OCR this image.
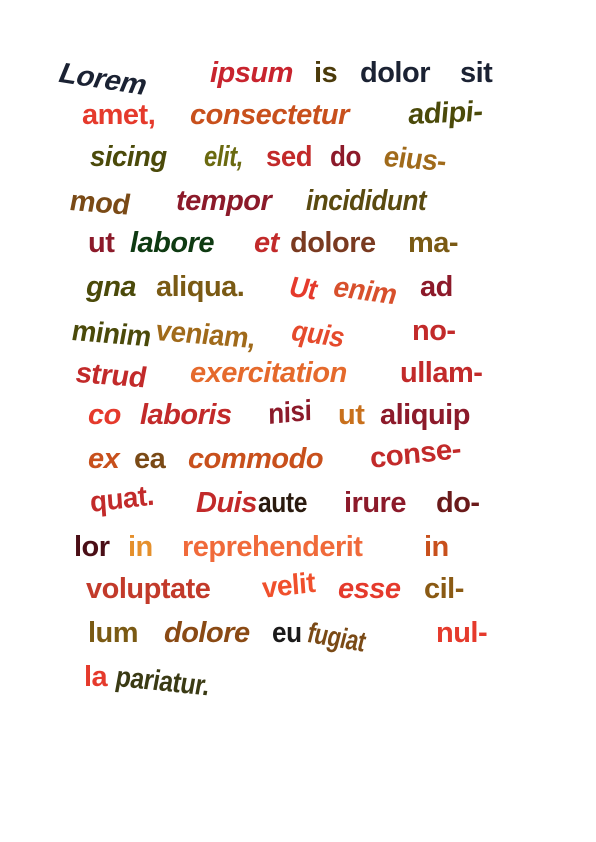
Lorem ipsum is dolor sit
amet, consectetur adipi-
sicing elit, sed do eius-
mod tempor incididunt
ut labore et dolore ma-
gna aliqua. Ut enim ad
minim veniam, quis no-
strud exercitation ullam-
co laboris nisi ut aliquip
ex ea commodo conse-
quat. Duis aute irure do-
lor in reprehenderit in
voluptate velit esse cil-
lum dolore eu fugiat nul-
la pariatur.
